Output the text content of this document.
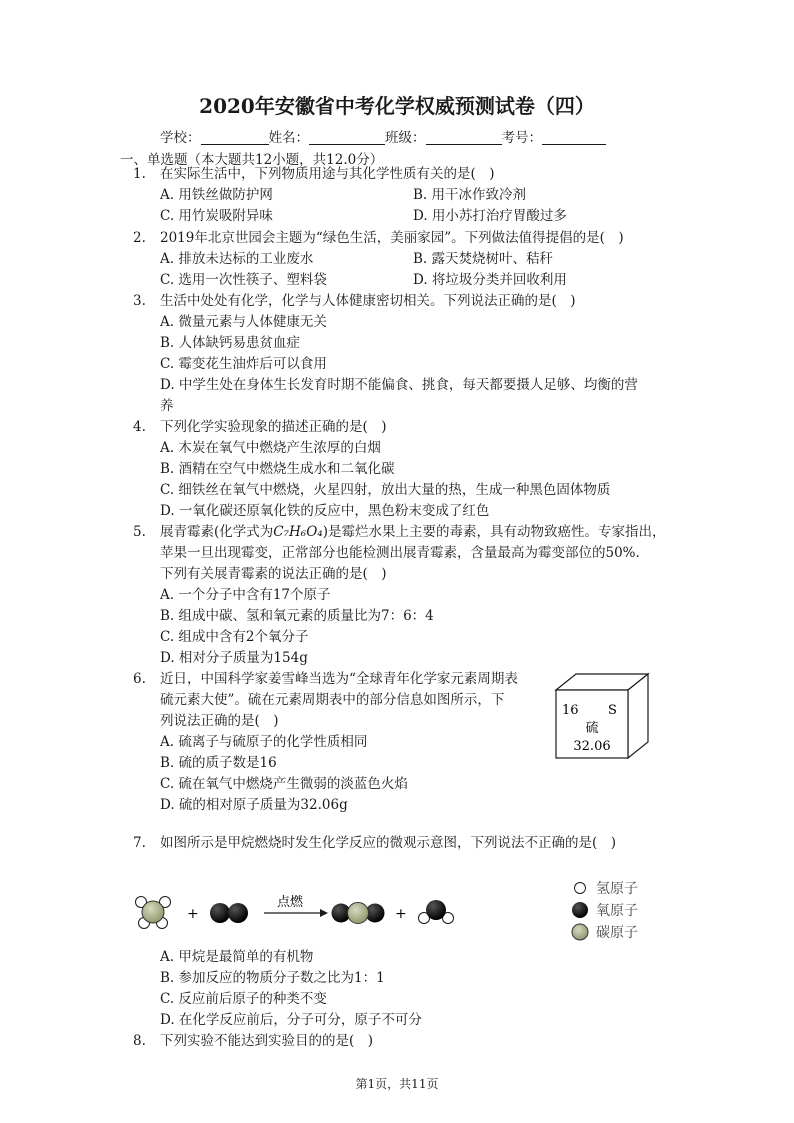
2020年安徽省中考化学权威预测试卷（四）
学校：	姓名：	班级：	考号：
一、单选题（本大题共12小题，共12.0分）
1. 在实际生活中，下列物质用途与其化学性质有关的是(　)
A. 用铁丝做防护网	B. 用干冰作致冷剂
C. 用竹炭吸附异味	D. 用小苏打治疗胃酸过多
2. 2019年北京世园会主题为“绿色生活，美丽家园”。下列做法值得提倡的是(　)
A. 排放未达标的工业废水	B. 露天焚烧树叶、秸秆
C. 选用一次性筷子、塑料袋	D. 将垃圾分类并回收利用
3. 生活中处处有化学，化学与人体健康密切相关。下列说法正确的是(　)
A. 微量元素与人体健康无关
B. 人体缺钙易患贫血症
C. 霉变花生油炸后可以食用
D. 中学生处在身体生长发育时期不能偏食、挑食，每天都要摄人足够、均衡的营
养
4. 下列化学实验现象的描述正确的是(　)
A. 木炭在氧气中燃烧产生浓厚的白烟
B. 酒精在空气中燃烧生成水和二氧化碳
C. 细铁丝在氧气中燃烧，火星四射，放出大量的热，生成一种黑色固体物质
D. 一氧化碳还原氧化铁的反应中，黑色粉末变成了红色
5. 展青霉素(化学式为C₇H₆O₄)是霉烂水果上主要的毒素，具有动物致癌性。专家指出，
苹果一旦出现霉变，正常部分也能检测出展青霉素，含量最高为霉变部位的50%.
下列有关展青霉素的说法正确的是(　)
A. 一个分子中含有17个原子
B. 组成中碳、氢和氧元素的质量比为7：6：4
C. 组成中含有2个氧分子
D. 相对分子质量为154g
6. 近日，中国科学家姜雪峰当选为“全球青年化学家元素周期表
硫元素大使”。硫在元素周期表中的部分信息如图所示，下
列说法正确的是(　)
A. 硫离子与硫原子的化学性质相同
B. 硫的质子数是16
C. 硫在氧气中燃烧产生微弱的淡蓝色火焰
D. 硫的相对原子质量为32.06g
16 S
硫
32.06
7. 如图所示是甲烷燃烧时发生化学反应的微观示意图，下列说法不正确的是(　)
+
点燃
+
氢原子
氧原子
碳原子
A. 甲烷是最简单的有机物
B. 参加反应的物质分子数之比为1：1
C. 反应前后原子的种类不变
D. 在化学反应前后，分子可分，原子不可分
8. 下列实验不能达到实验目的的是(　)
第1页，共11页
